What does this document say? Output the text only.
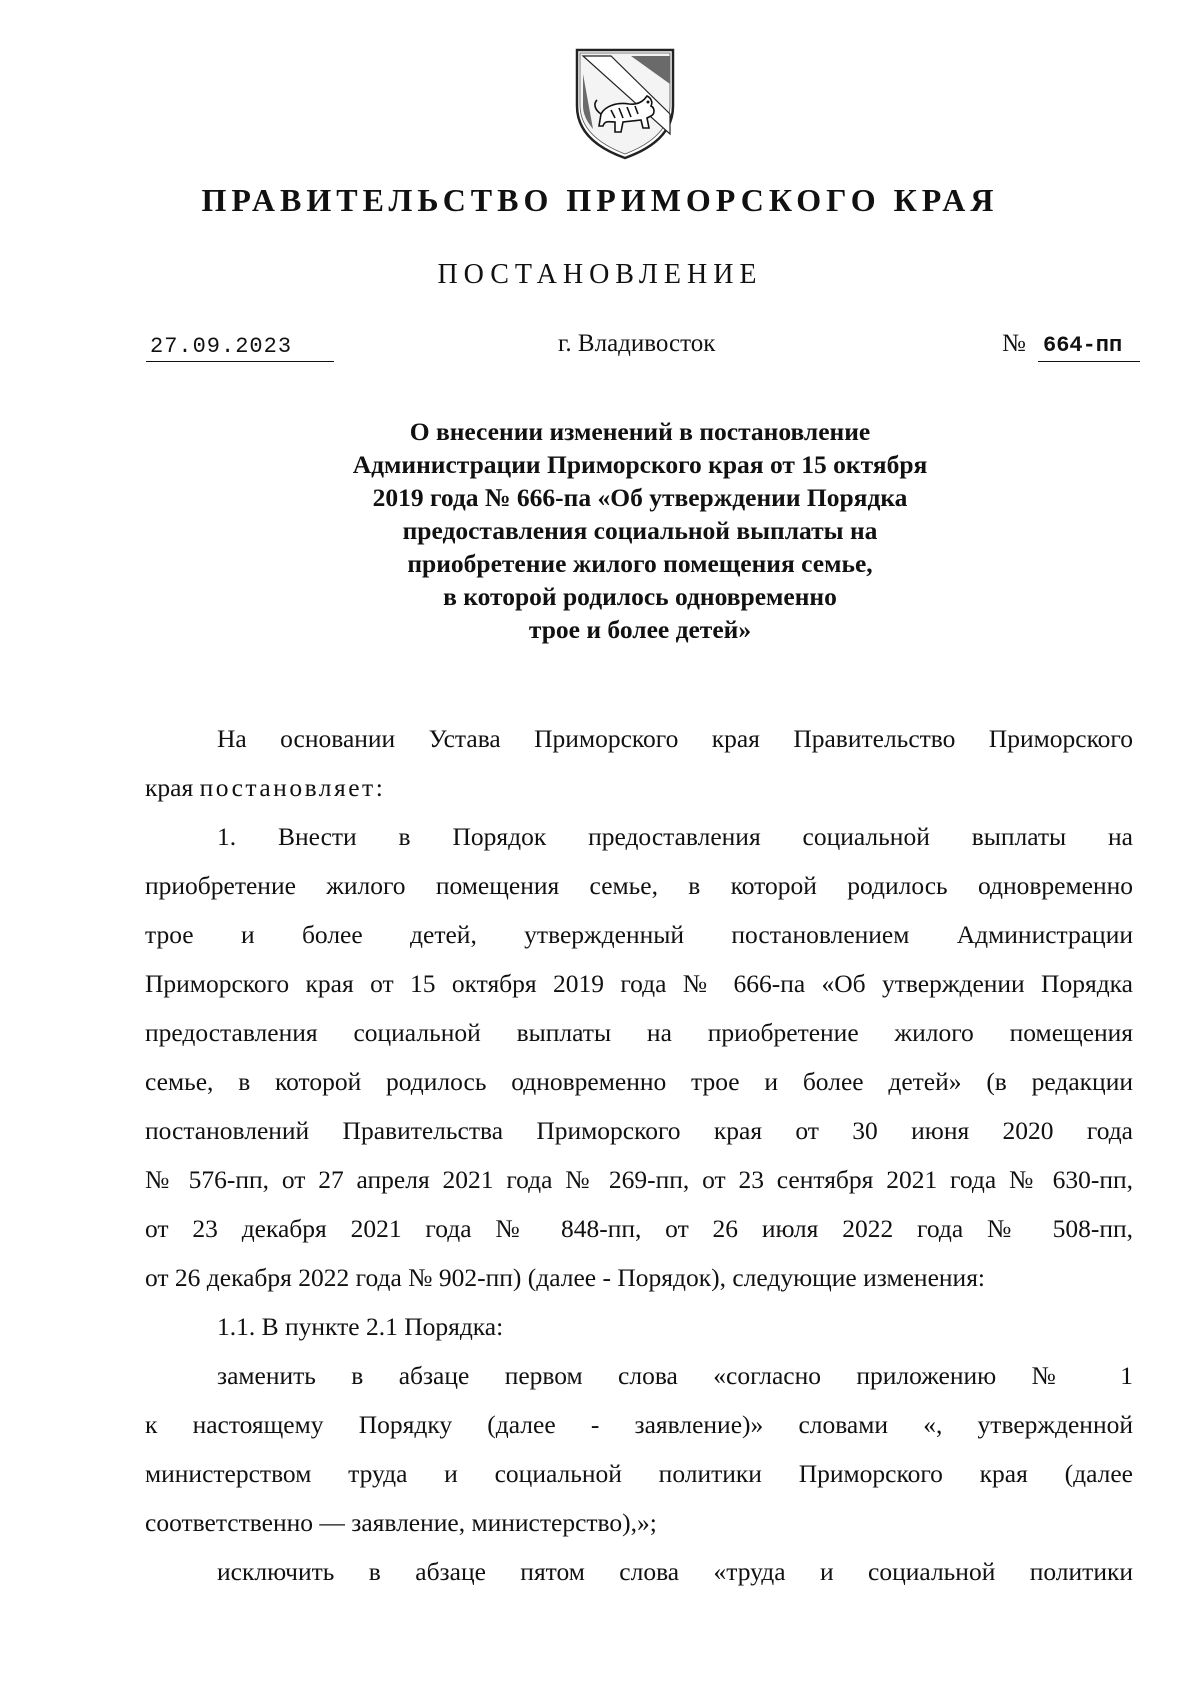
ПРАВИТЕЛЬСТВО ПРИМОРСКОГО КРАЯ
ПОСТАНОВЛЕНИЕ
27.09.2023	г. Владивосток	№ 664-пп
О внесении изменений в постановление
Администрации Приморского края от 15 октября
2019 года № 666-па «Об утверждении Порядка
предоставления социальной выплаты на
приобретение жилого помещения семье,
в которой родилось одновременно
трое и более детей»
На основании Устава Приморского края Правительство Приморского
края постановляет:
1. Внести в Порядок предоставления социальной выплаты на
приобретение жилого помещения семье, в которой родилось одновременно
трое и более детей, утвержденный постановлением Администрации
Приморского края от 15 октября 2019 года № 666-па «Об утверждении Порядка
предоставления социальной выплаты на приобретение жилого помещения
семье, в которой родилось одновременно трое и более детей» (в редакции
постановлений Правительства Приморского края от 30 июня 2020 года
№ 576-пп, от 27 апреля 2021 года № 269-пп, от 23 сентября 2021 года № 630-пп,
от 23 декабря 2021 года № 848-пп, от 26 июля 2022 года № 508-пп,
от 26 декабря 2022 года № 902-пп) (далее - Порядок), следующие изменения:
1.1. В пункте 2.1 Порядка:
заменить в абзаце первом слова «согласно приложению № 1
к настоящему Порядку (далее - заявление)» словами «, утвержденной
министерством труда и социальной политики Приморского края (далее
соответственно — заявление, министерство),»;
исключить в абзаце пятом слова «труда и социальной политики
